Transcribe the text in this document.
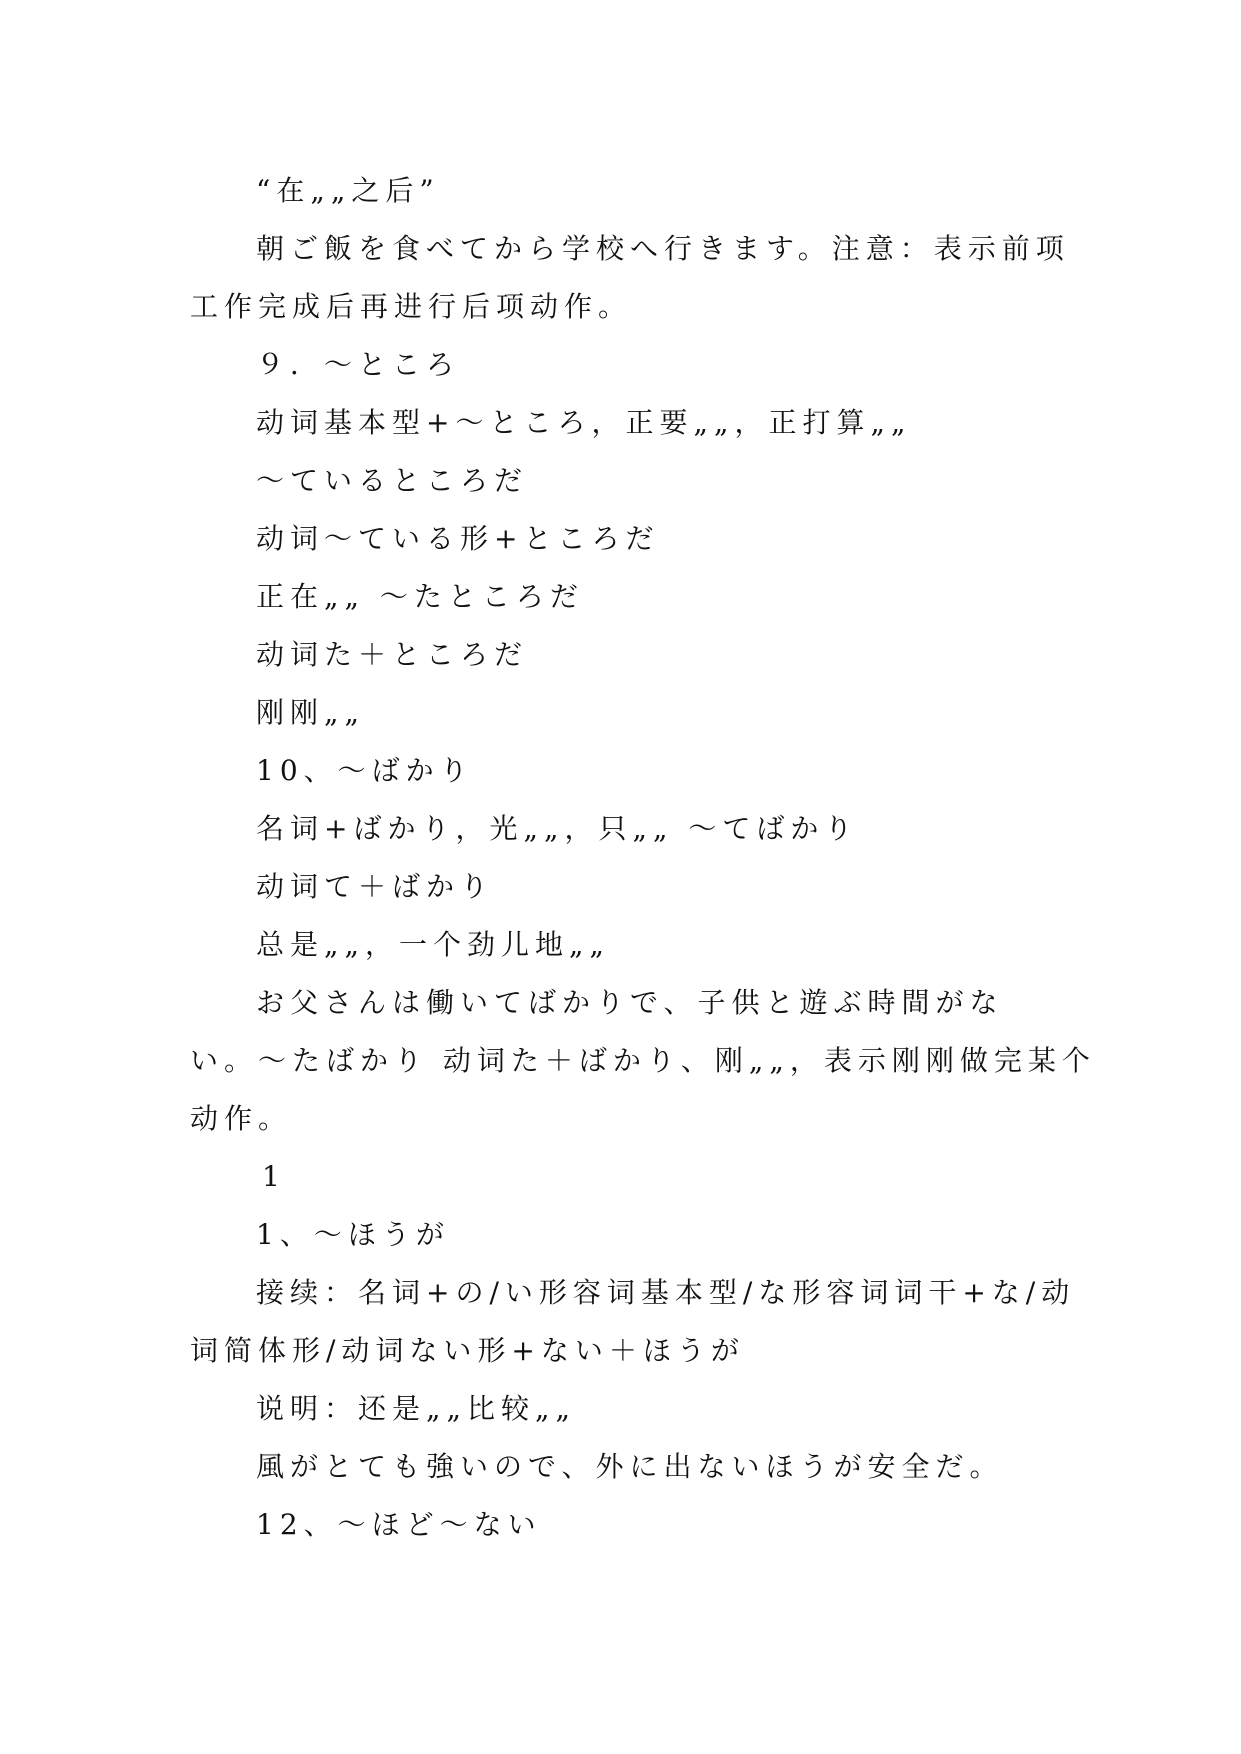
“在„„之后”

朝ご飯を食べてから学校へ行きます。注意：表示前项

工作完成后再进行后项动作。

９．～ところ

动词基本型+～ところ，正要„„，正打算„„

～ているところだ

动词～ている形+ところだ

正在„„ ～たところだ

动词た＋ところだ

刚刚„„

10、～ばかり

名词+ばかり，光„„，只„„ ～てばかり

动词て＋ばかり

总是„„，一个劲儿地„„

お父さんは働いてばかりで、子供と遊ぶ時間がな

い。～たばかり 动词た＋ばかり、刚„„，表示刚刚做完某个

动作。

1

1、～ほうが

接续：名词+の/い形容词基本型/な形容词词干+な/动

词简体形/动词ない形+ない＋ほうが

说明：还是„„比较„„

風がとても強いので、外に出ないほうが安全だ。

12、～ほど～ない
